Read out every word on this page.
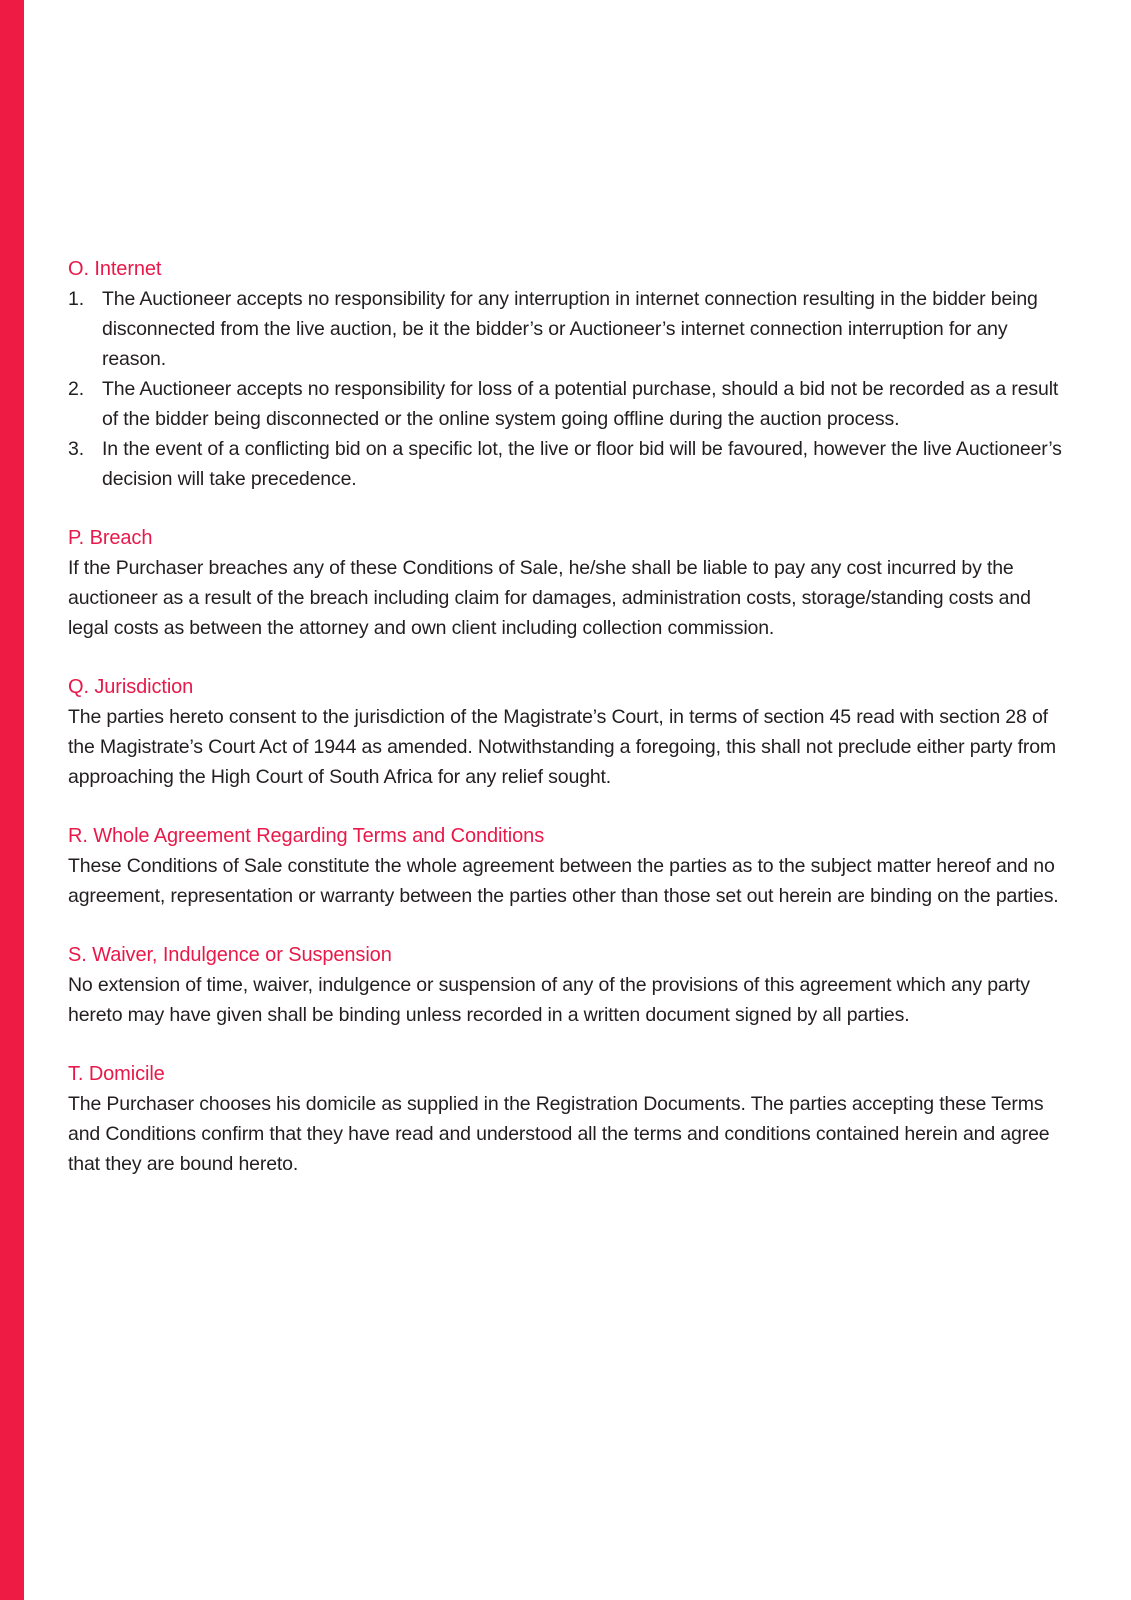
O. Internet
1. The Auctioneer accepts no responsibility for any interruption in internet connection resulting in the bidder being disconnected from the live auction, be it the bidder’s or Auctioneer’s internet connection interruption for any reason.
2. The Auctioneer accepts no responsibility for loss of a potential purchase, should a bid not be recorded as a result of the bidder being disconnected or the online system going offline during the auction process.
3. In the event of a conflicting bid on a specific lot, the live or floor bid will be favoured, however the live Auctioneer’s decision will take precedence.
P. Breach

If the Purchaser breaches any of these Conditions of Sale, he/she shall be liable to pay any cost incurred by the auctioneer as a result of the breach including claim for damages, administration costs, storage/standing costs and legal costs as between the attorney and own client including collection commission.

Q. Jurisdiction

The parties hereto consent to the jurisdiction of the Magistrate’s Court, in terms of section 45 read with section 28 of the Magistrate’s Court Act of 1944 as amended. Notwithstanding a foregoing, this shall not preclude either party from approaching the High Court of South Africa for any relief sought.

R. Whole Agreement Regarding Terms and Conditions

These Conditions of Sale constitute the whole agreement between the parties as to the subject matter hereof and no agreement, representation or warranty between the parties other than those set out herein are binding on the parties.

S. Waiver, Indulgence or Suspension

No extension of time, waiver, indulgence or suspension of any of the provisions of this agreement which any party hereto may have given shall be binding unless recorded in a written document signed by all parties.

T. Domicile

The Purchaser chooses his domicile as supplied in the Registration Documents. The parties accepting these Terms and Conditions confirm that they have read and understood all the terms and conditions contained herein and agree that they are bound hereto.
